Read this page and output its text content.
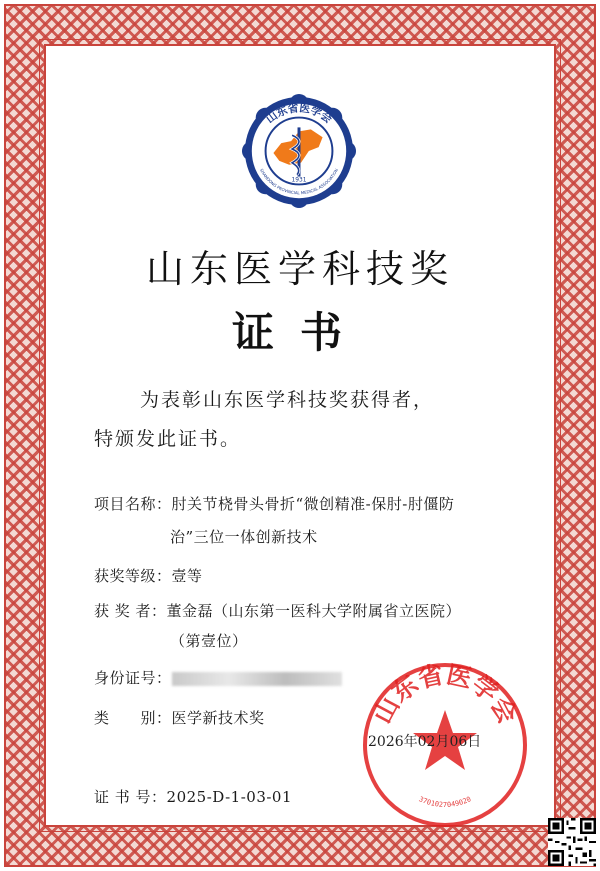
山东省医学会
SHANDONG PROVINCIAL MEDICAL ASSOCIATION
1931
山东医学科技奖
证书
为表彰山东医学科技奖获得者，
特颁发此证书。
项目名称：肘关节桡骨头骨折“微创精准-保肘-肘僵防
治”三位一体创新技术
获奖等级：壹等
获 奖 者：董金磊（山东第一医科大学附属省立医院）
（第壹位）
身份证号：
类　　别：医学新技术奖
证 书 号：2025-D-1-03-01
山东省医学会
3701027049020
2026年02月06日
